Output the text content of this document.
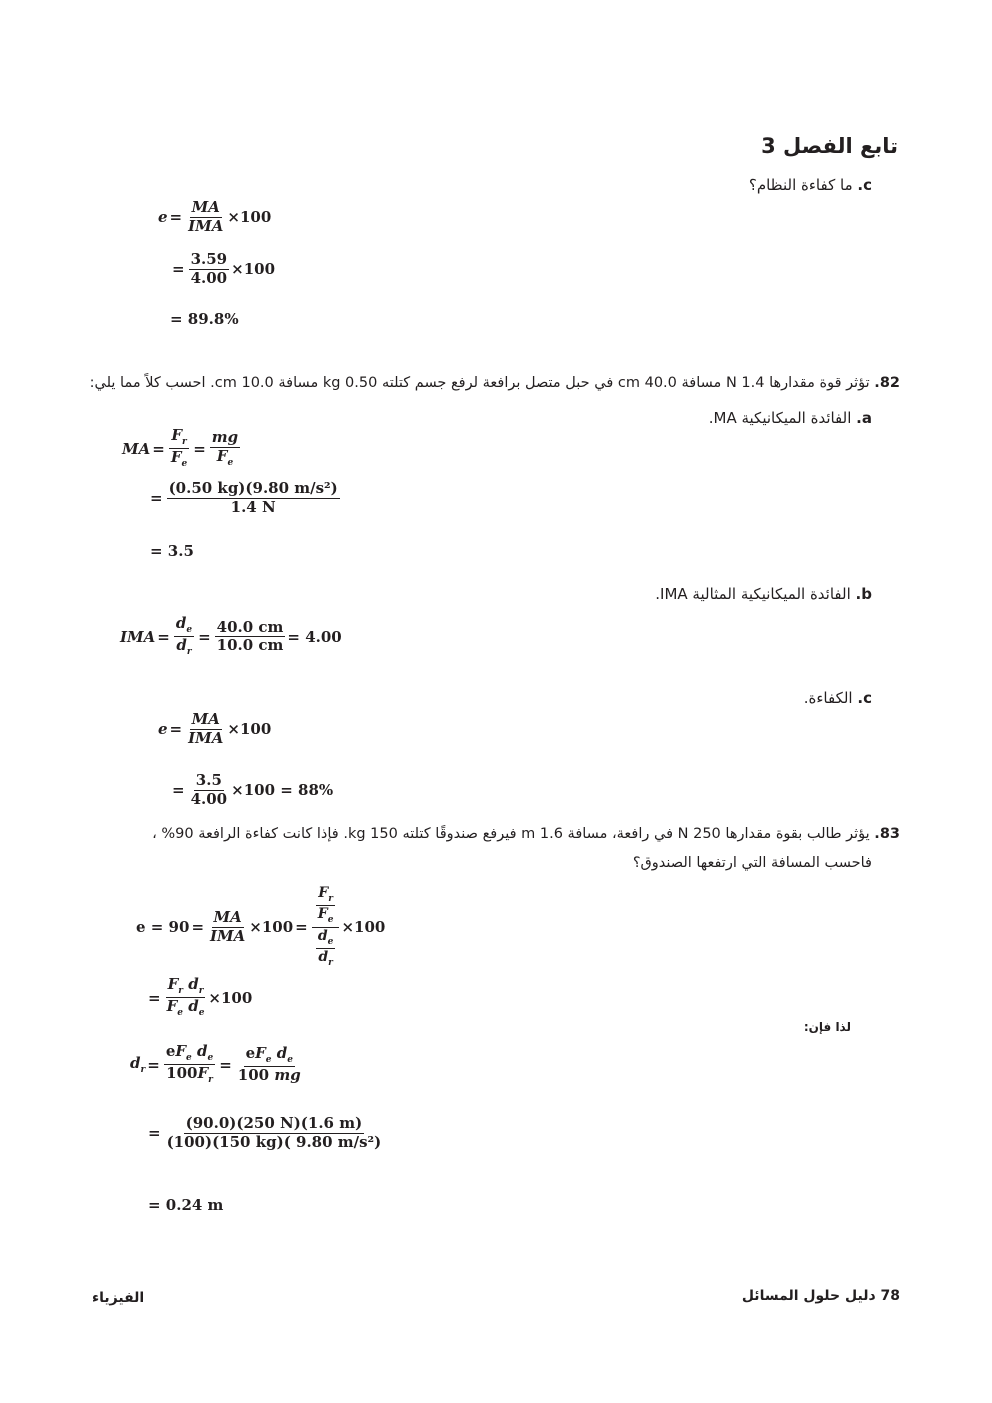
تابع الفصل 3
c. ما كفاءة النظام؟
$e = \frac{MA}{\text{IMA}} \times 100$
= $\frac{3.59}{4.00} \times 100$
= 89.8%
82. تؤثر قوة مقدارها 1.4 N مسافة 40.0 cm في حبل متصل برافعة لرفع جسم كتلته 0.50 kg مسافة 10.0 cm. احسب كلاً مما يلي:
a. الفائدة الميكانيكية MA.
MA = $\frac{F_r}{F_e} = \frac{mg}{F_e}$
= $\frac{\text{(0.50 kg)(9.80 m/s²)}}{1.4 N}$
= 3.5
b. الفائدة الميكانيكية المثالية IMA.
IMA = $\frac{d_e}{d_r} = \frac{40.0 cm}{10.0 cm} = 4.00$
c. الكفاءة.
$e = \frac{MA}{\text{IMA}} \times 100$
= $\frac{3.5}{4.00} \times 100 = 88\%$
83. يؤثر طالب بقوة مقدارها 250 N في رافعة، مسافة 1.6 m فيرفع صندوقًا كتلته 150 kg. فإذا كانت كفاءة الرافعة 90% ،
فاحسب المسافة التي ارتفعها الصندوق؟
$e = 90 = \frac{MA}{\text{IMA}} \times 100 = \frac{\frac{F_r}{F_e}}{\frac{d_e}{d_r}} \times 100$
= $\frac{F_r d_r}{F_e d_e} \times 100$
لذا فإن:
$d_r = \frac{eF_e d_e}{100F_r} = \frac{eF_e d_e}{100 mg}$
= $\frac{(90.0)(250 N)(1.6 m)}{\text{(100)(150 kg)( 9.80 m/s²)}}$
= 0.24 m
78 دليل حلول المسائل
الفيزياء
